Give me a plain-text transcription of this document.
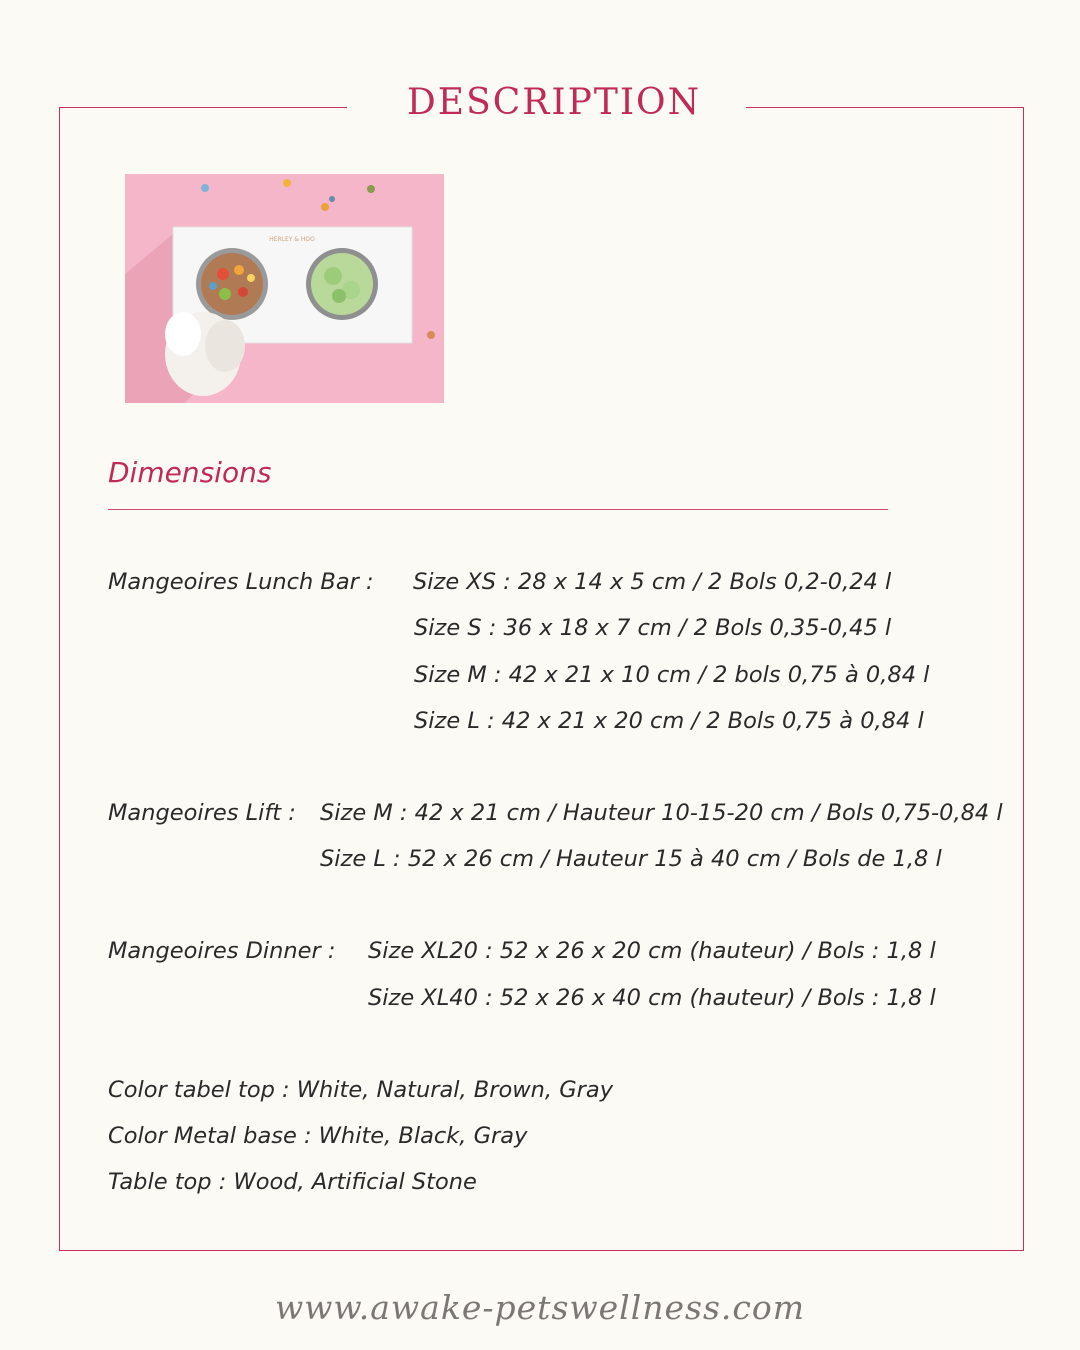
DESCRIPTION
HERLEY & HOO
Dimensions
Mangeoires Lunch Bar : Size XS : 28 x 14 x 5 cm / 2 Bols 0,2-0,24 l
Size S : 36 x 18 x 7 cm / 2 Bols 0,35-0,45 l
Size M : 42 x 21 x 10 cm / 2 bols 0,75 à 0,84 l
Size L : 42 x 21 x 20 cm / 2 Bols 0,75 à 0,84 l
Mangeoires Lift : Size M : 42 x 21 cm / Hauteur 10-15-20 cm / Bols 0,75-0,84 l
Size L : 52 x 26 cm / Hauteur 15 à 40 cm / Bols de 1,8 l
Mangeoires Dinner : Size XL20 : 52 x 26 x 20 cm (hauteur) / Bols : 1,8 l
Size XL40 : 52 x 26 x 40 cm (hauteur) / Bols : 1,8 l
Color tabel top : White, Natural, Brown, Gray
Color Metal base : White, Black, Gray
Table top : Wood, Artificial Stone
www.awake-petswellness.com
